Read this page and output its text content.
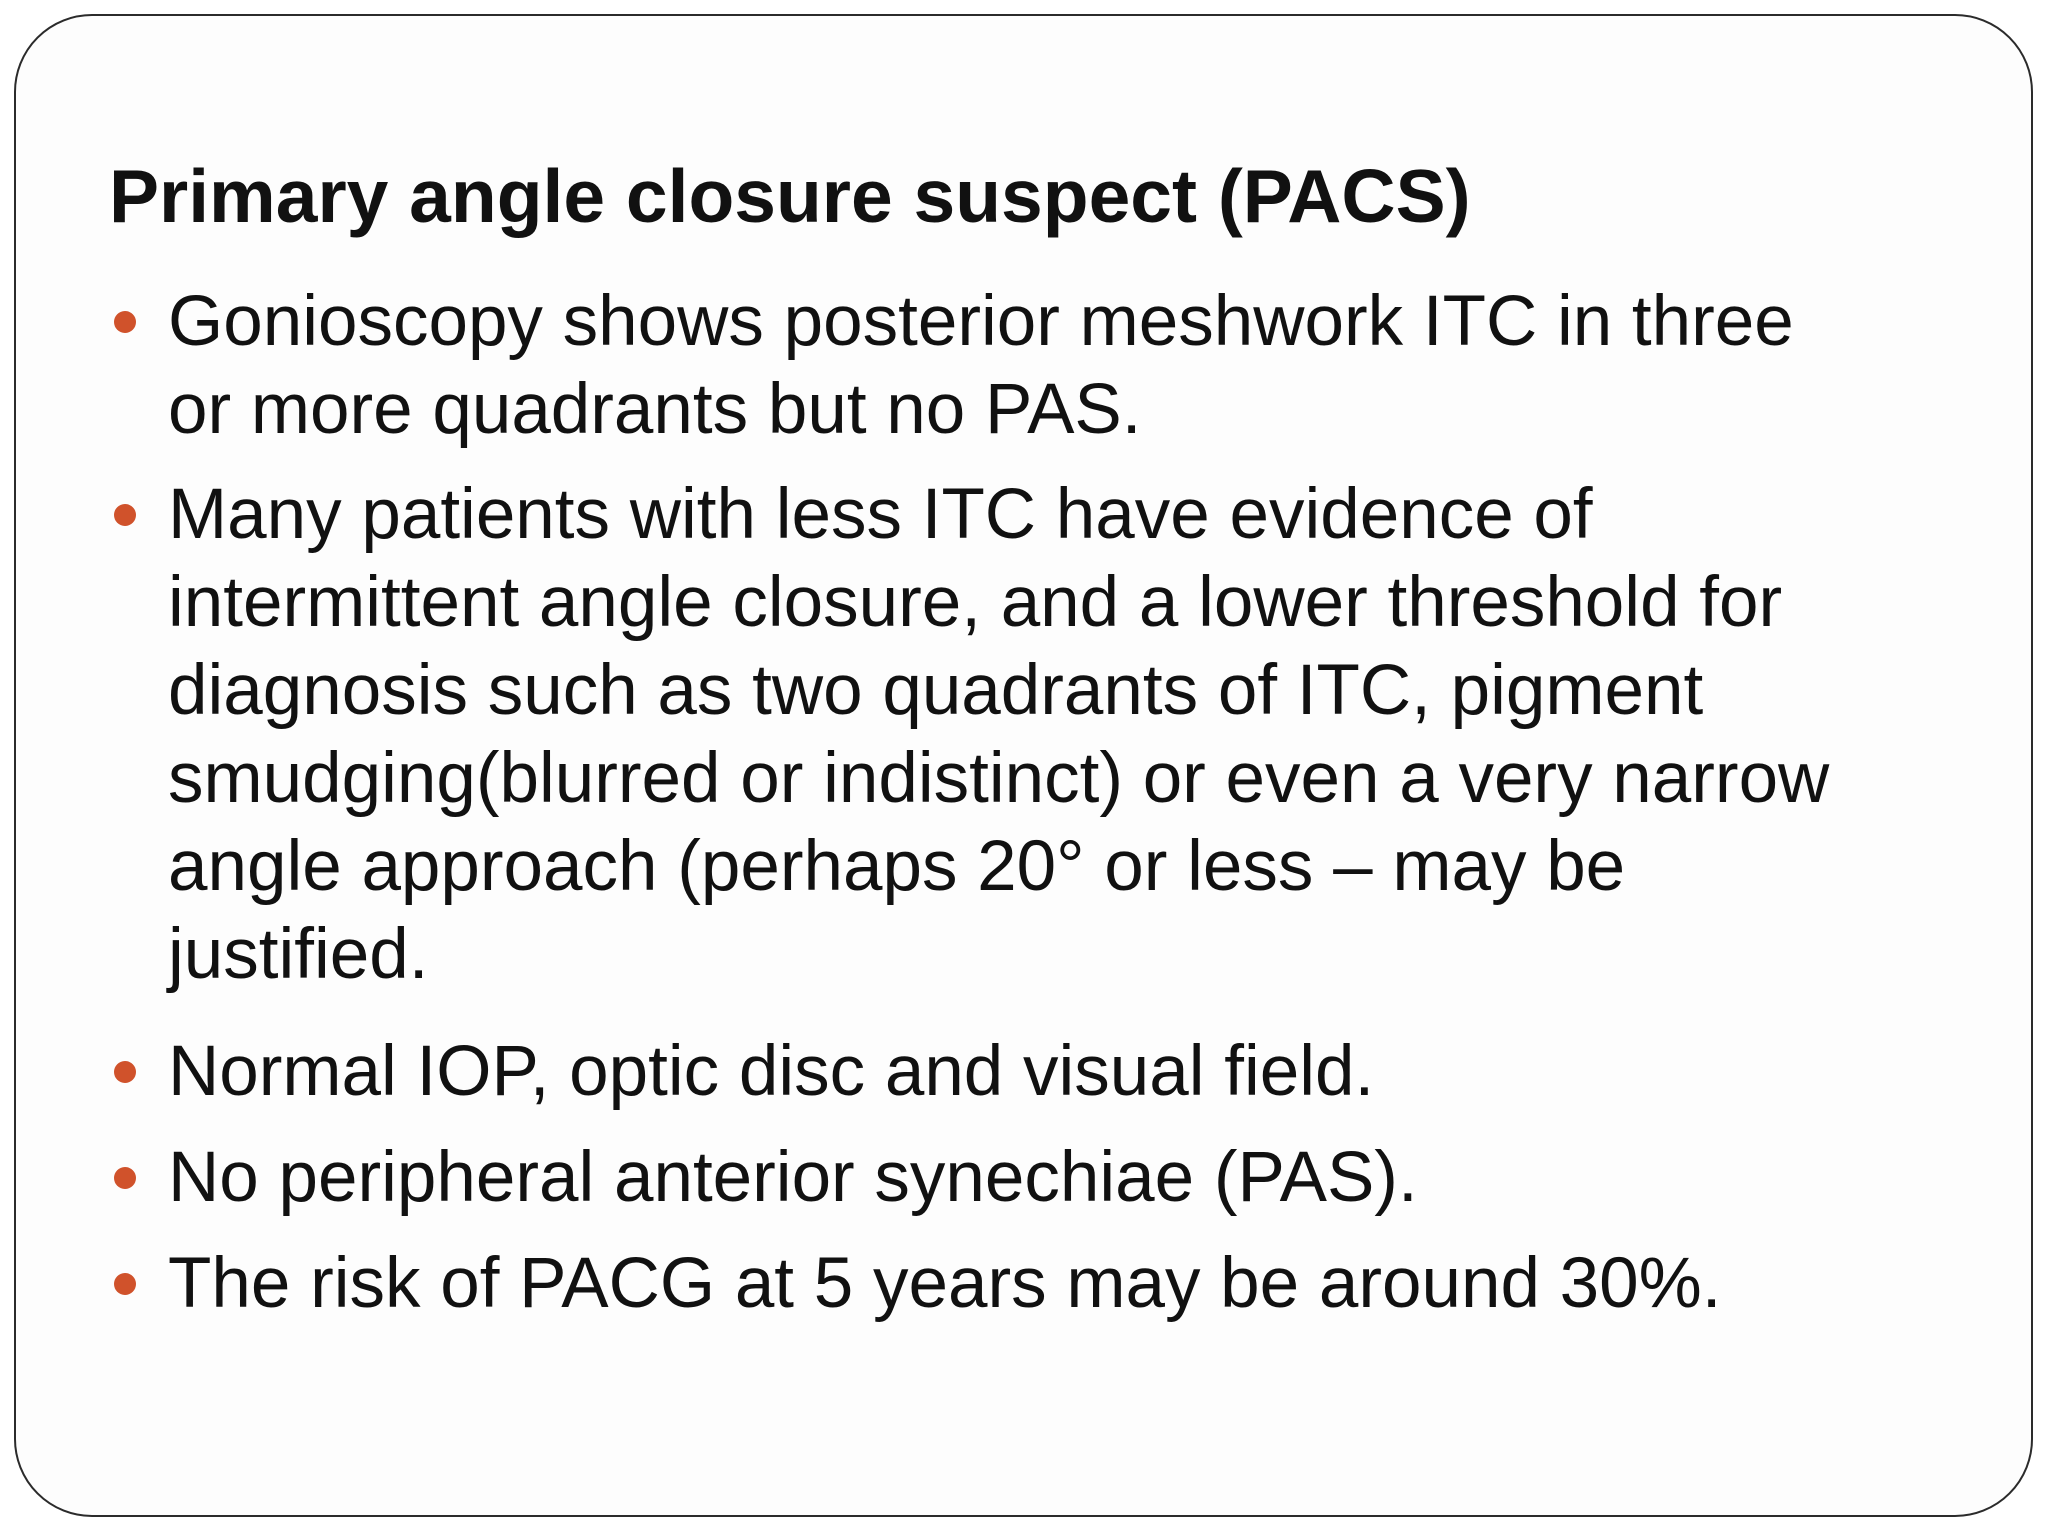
Primary angle closure suspect (PACS)

Gonioscopy shows posterior meshwork ITC in three
or more quadrants but no PAS.

Many patients with less ITC have evidence of
intermittent angle closure, and a lower threshold for
diagnosis such as two quadrants of ITC, pigment
smudging(blurred or indistinct) or even a very narrow
angle approach (perhaps 20° or less – may be
justified.

Normal IOP, optic disc and visual field.

No peripheral anterior synechiae (PAS).

The risk of PACG at 5 years may be around 30%.
